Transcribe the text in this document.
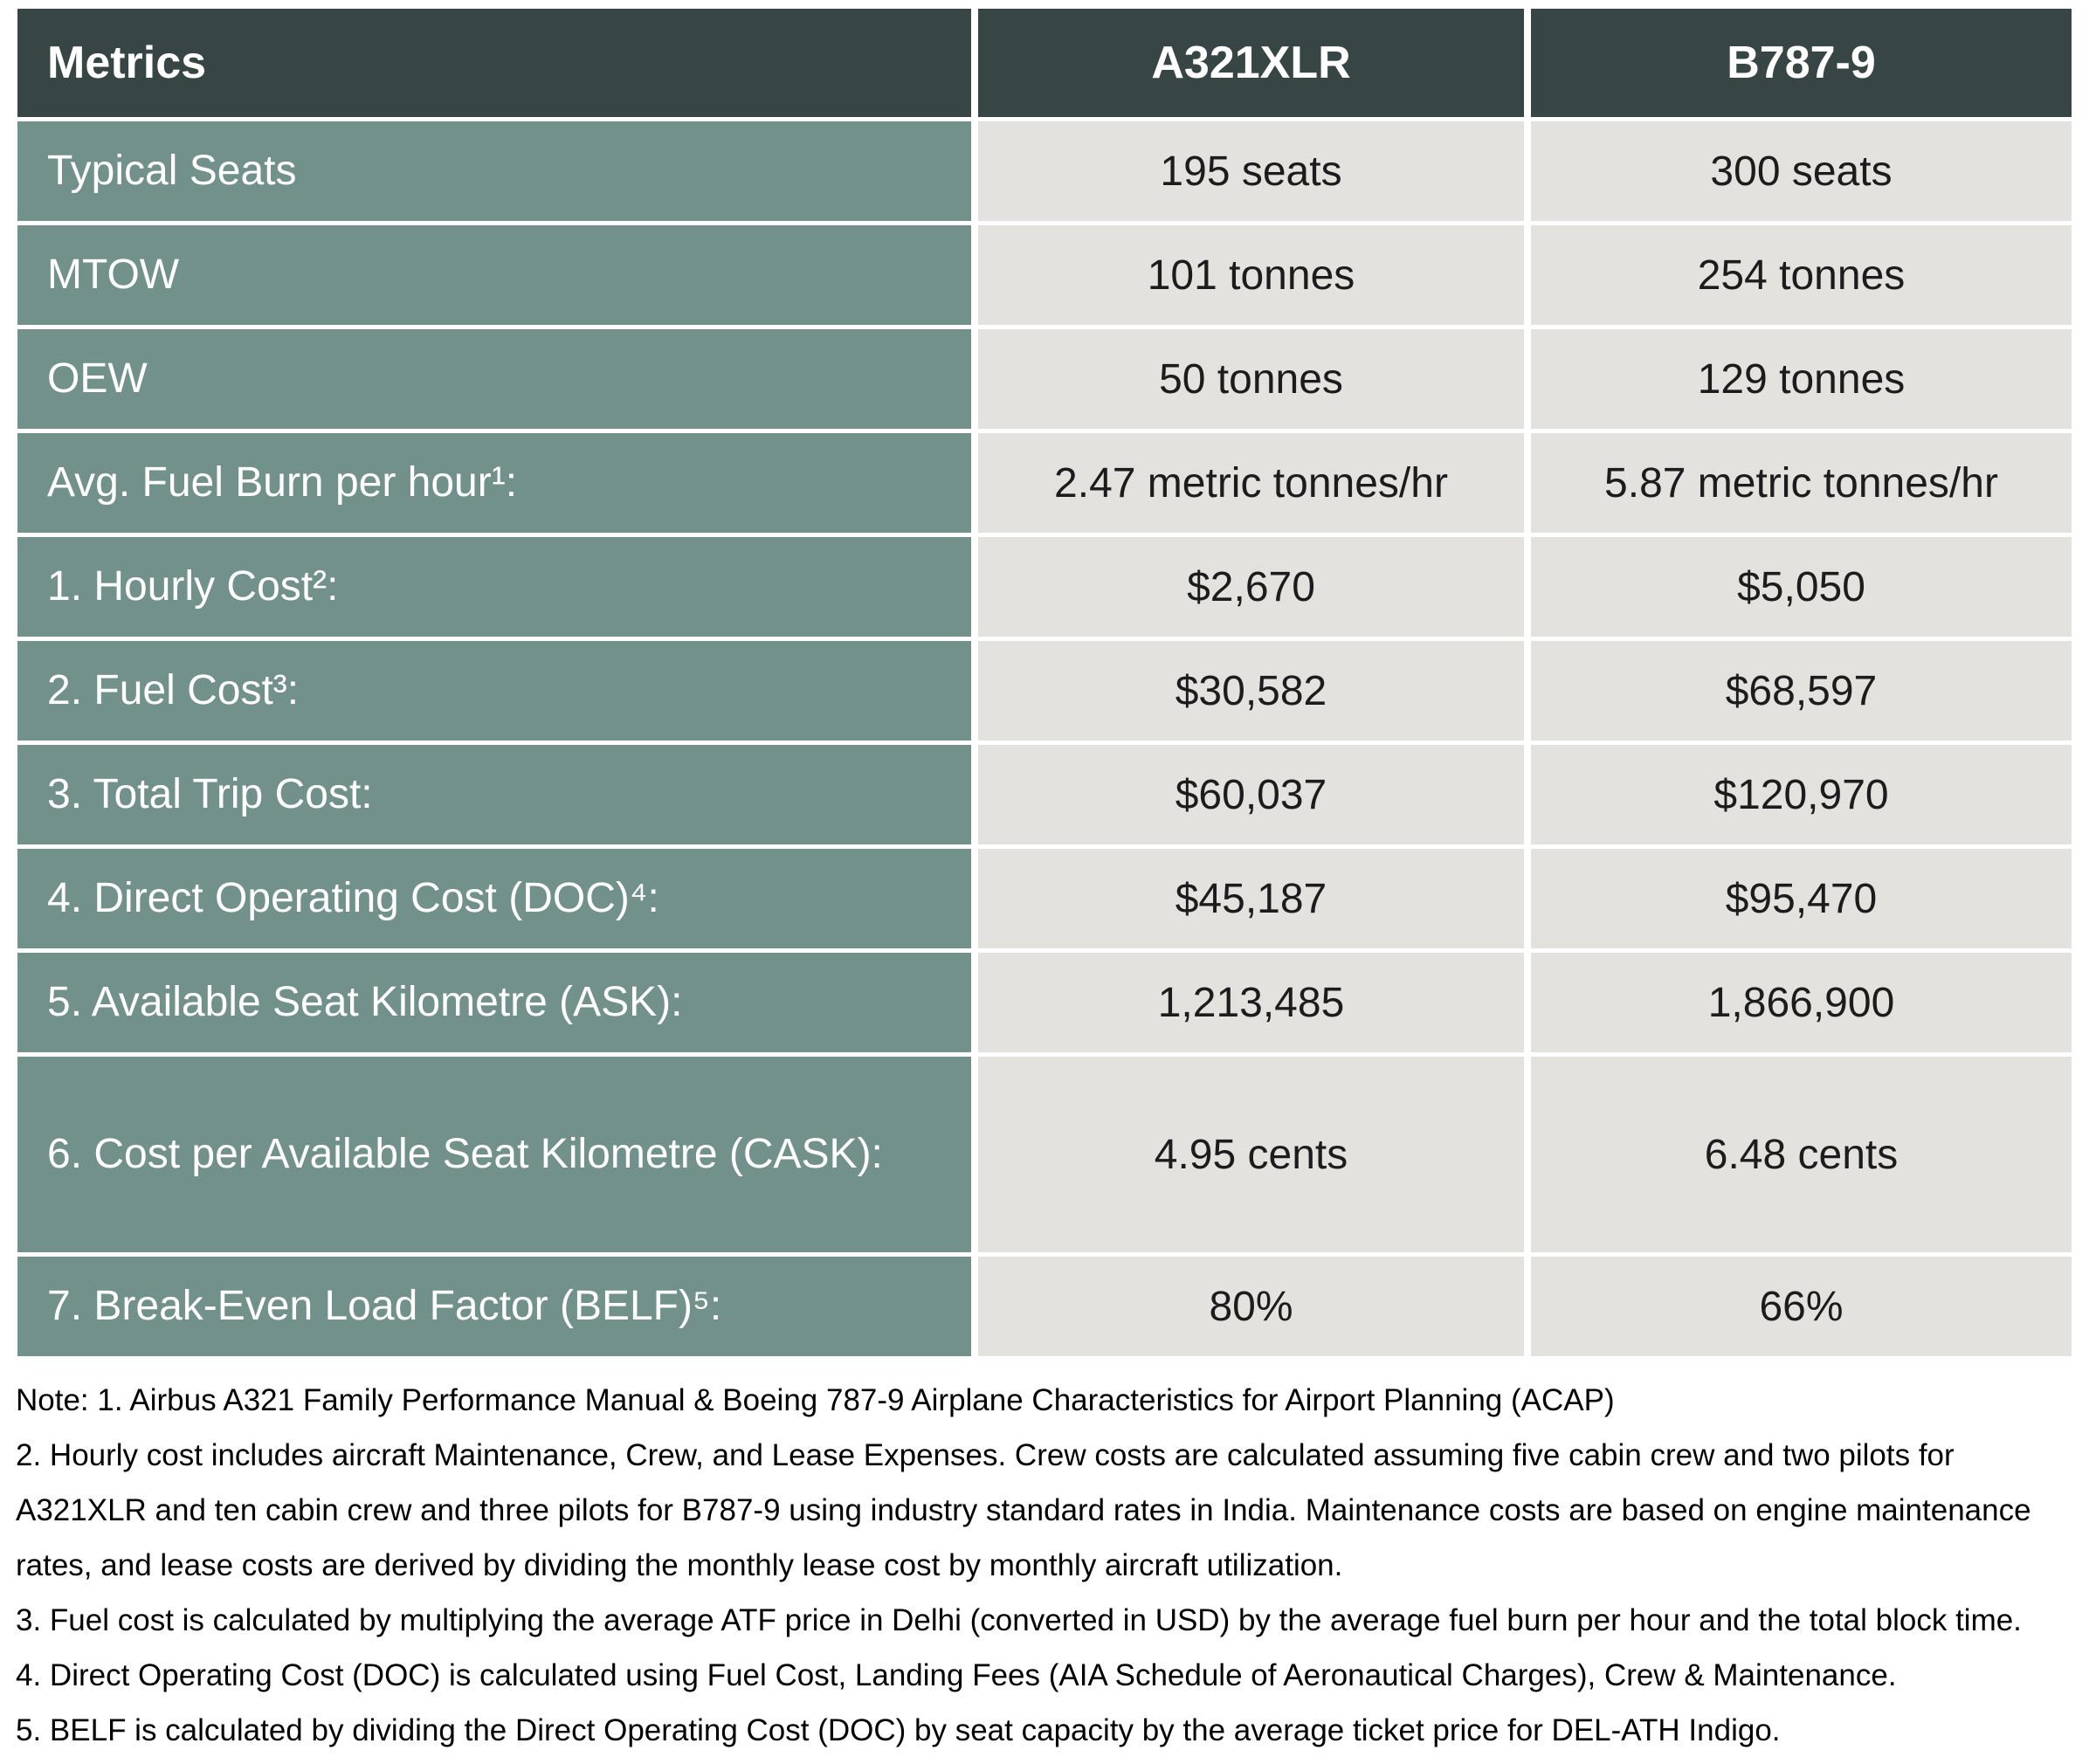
Metrics	A321XLR	B787-9
Typical Seats	195 seats	300 seats
MTOW	101 tonnes	254 tonnes
OEW	50 tonnes	129 tonnes
Avg. Fuel Burn per hour¹:	2.47 metric tonnes/hr	5.87 metric tonnes/hr
1. Hourly Cost²:	$2,670	$5,050
2. Fuel Cost³:	$30,582	$68,597
3. Total Trip Cost:	$60,037	$120,970
4. Direct Operating Cost (DOC)⁴:	$45,187	$95,470
5. Available Seat Kilometre (ASK):	1,213,485	1,866,900
6. Cost per Available Seat Kilometre (CASK):	4.95 cents	6.48 cents
7. Break-Even Load Factor (BELF)⁵:	80%	66%

Note: 1. Airbus A321 Family Performance Manual & Boeing 787-9 Airplane Characteristics for Airport Planning (ACAP)

2. Hourly cost includes aircraft Maintenance, Crew, and Lease Expenses. Crew costs are calculated assuming five cabin crew and two pilots for A321XLR and ten cabin crew and three pilots for B787-9 using industry standard rates in India. Maintenance costs are based on engine maintenance rates, and lease costs are derived by dividing the monthly lease cost by monthly aircraft utilization.

3. Fuel cost is calculated by multiplying the average ATF price in Delhi (converted in USD) by the average fuel burn per hour and the total block time.

4. Direct Operating Cost (DOC) is calculated using Fuel Cost, Landing Fees (AIA Schedule of Aeronautical Charges), Crew & Maintenance.

5. BELF is calculated by dividing the Direct Operating Cost (DOC) by seat capacity by the average ticket price for DEL-ATH Indigo.
